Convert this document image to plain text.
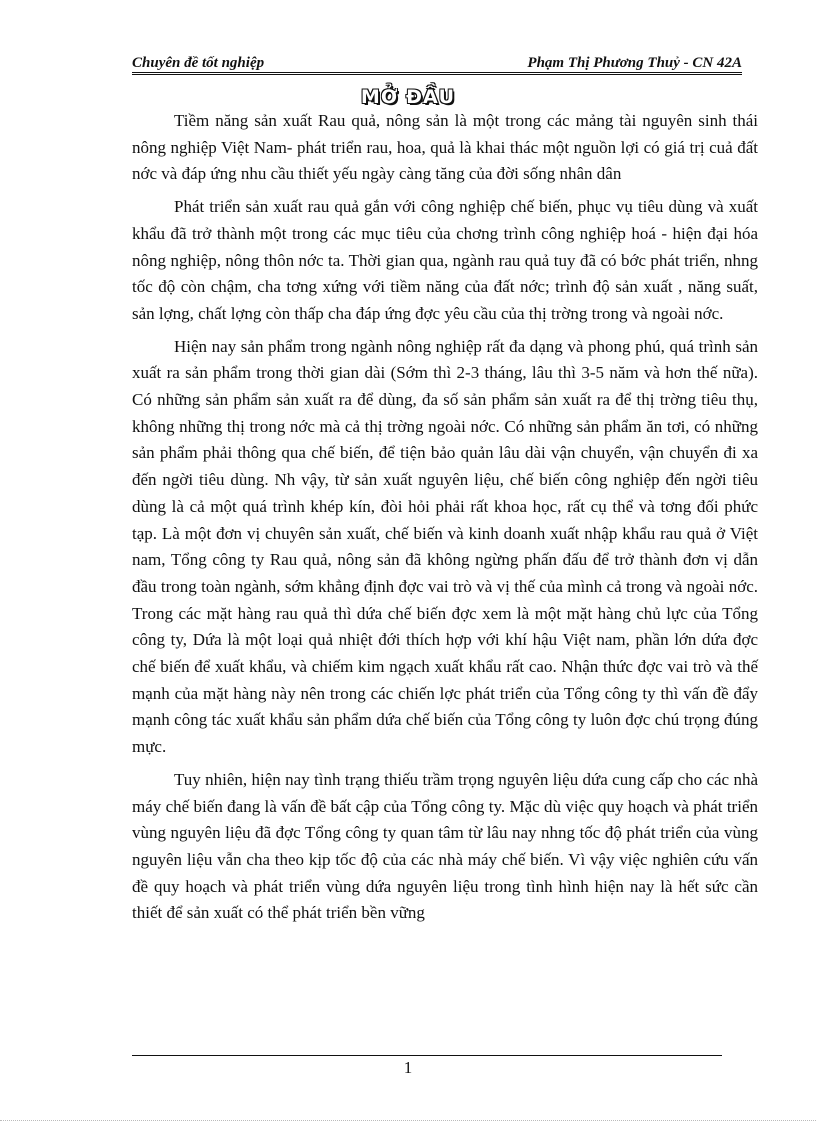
Chuyên đề tốt nghiệp	Phạm Thị Phương Thuỷ - CN 42A
MỞ ĐẦU

Tiềm năng sản xuất Rau quả, nông sản là một trong các mảng tài nguyên sinh thái nông nghiệp Việt Nam- phát triển rau, hoa, quả là khai thác một nguồn lợi có giá trị cuả đất nớc và đáp ứng nhu cầu thiết yếu ngày càng tăng của đời sống nhân dân

Phát triển sản xuất rau quả gắn với công nghiệp chế biến, phục vụ tiêu dùng và xuất khẩu đã trở thành một trong các mục tiêu của chơng trình công nghiệp hoá - hiện đại hóa nông nghiệp, nông thôn nớc ta. Thời gian qua, ngành rau quả tuy đã có bớc phát triển, nhng tốc độ còn chậm, cha tơng xứng với tiềm năng của đất nớc; trình độ sản xuất , năng suất, sản lợng, chất lợng còn thấp cha đáp ứng đợc yêu cầu của thị trờng trong và ngoài nớc.

Hiện nay sản phẩm trong ngành nông nghiệp rất đa dạng và phong phú, quá trình sản xuất ra sản phẩm trong thời gian dài (Sớm thì 2-3 tháng, lâu thì 3-5 năm và hơn thế nữa). Có những sản phẩm sản xuất ra để dùng, đa số sản phẩm sản xuất ra để thị trờng tiêu thụ, không những thị trong nớc mà cả thị trờng ngoài nớc. Có những sản phẩm ăn tơi, có những sản phẩm phải thông qua chế biến, để tiện bảo quản lâu dài vận chuyển, vận chuyển đi xa đến ngời tiêu dùng. Nh vậy, từ sản xuất nguyên liệu, chế biến công nghiệp đến ngời tiêu dùng là cả một quá trình khép kín, đòi hỏi phải rất khoa học, rất cụ thể và tơng đối phức tạp. Là một đơn vị chuyên sản xuất, chế biến và kinh doanh xuất nhập khẩu rau quả ở Việt nam, Tổng công ty Rau quả, nông sản đã không ngừng phấn đấu để trở thành đơn vị dẫn đầu trong toàn ngành, sớm khẳng định đợc vai trò và vị thế của mình cả trong và ngoài nớc. Trong các mặt hàng rau quả thì dứa chế biến đợc xem là một mặt hàng chủ lực của Tổng công ty, Dứa là một loại quả nhiệt đới thích hợp với khí hậu Việt nam, phần lớn dứa đợc chế biến để xuất khẩu, và chiếm kim ngạch xuất khẩu rất cao. Nhận thức đợc vai trò và thế mạnh của mặt hàng này nên trong các chiến lợc phát triển của Tổng công ty thì vấn đề đẩy mạnh công tác xuất khẩu sản phẩm dứa chế biến của Tổng công ty luôn đợc chú trọng đúng mực.

Tuy nhiên, hiện nay tình trạng thiếu trầm trọng nguyên liệu dứa cung cấp cho các nhà máy chế biến đang là vấn đề bất cập của Tổng công ty. Mặc dù việc quy hoạch và phát triển vùng nguyên liệu đã đợc Tổng công ty quan tâm từ lâu nay nhng tốc độ phát triển của vùng nguyên liệu vẫn cha theo kịp tốc độ của các nhà máy chế biến. Vì vậy việc nghiên cứu vấn đề quy hoạch và phát triển vùng dứa nguyên liệu trong tình hình hiện nay là hết sức cần thiết để sản xuất có thể phát triển bền vững

1
